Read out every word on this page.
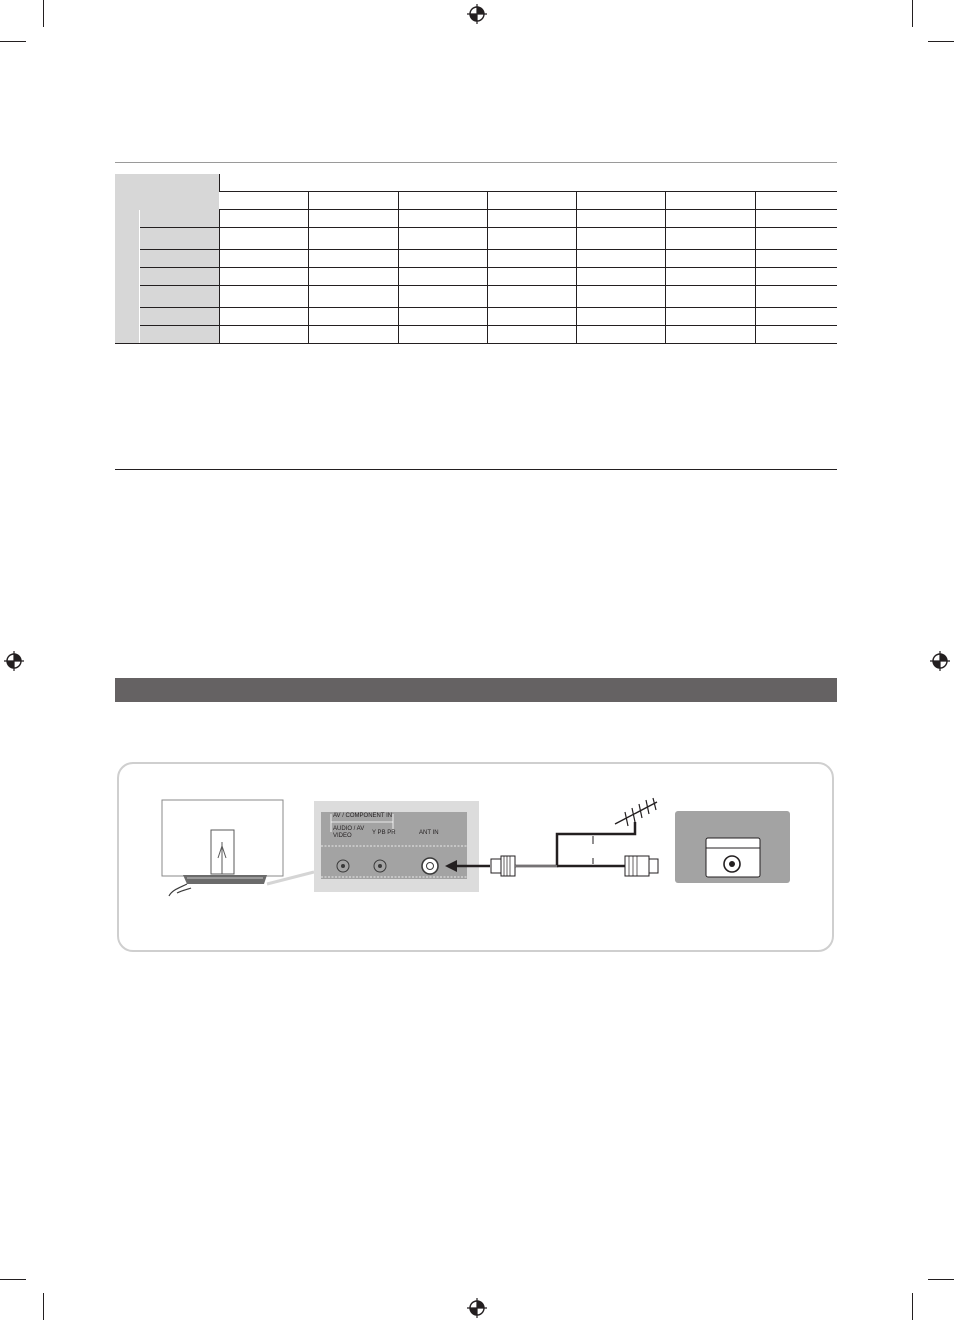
AV / COMPONENT IN
AUDIO / AV VIDEO	Y PB PR	ANT IN
